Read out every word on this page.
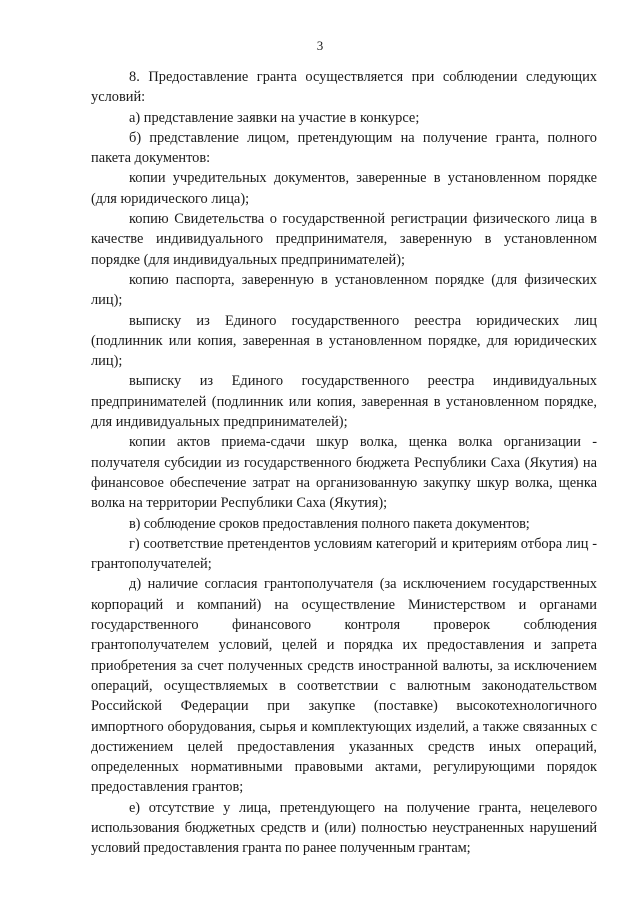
3

8. Предоставление гранта осуществляется при соблюдении следующих условий:

а) представление заявки на участие в конкурсе;

б) представление лицом, претендующим на получение гранта, полного пакета документов:

копии учредительных документов, заверенные в установленном порядке (для юридического лица);

копию Свидетельства о государственной регистрации физического лица в качестве индивидуального предпринимателя, заверенную в установленном порядке (для индивидуальных предпринимателей);

копию паспорта, заверенную в установленном порядке (для физических лиц);

выписку из Единого государственного реестра юридических лиц (подлинник или копия, заверенная в установленном порядке, для юридических лиц);

выписку из Единого государственного реестра индивидуальных предпринимателей (подлинник или копия, заверенная в установленном порядке, для индивидуальных предпринимателей);

копии актов приема-сдачи шкур волка, щенка волка организации - получателя субсидии из государственного бюджета Республики Саха (Якутия) на финансовое обеспечение затрат на организованную закупку шкур волка, щенка волка на территории Республики Саха (Якутия);

в) соблюдение сроков предоставления полного пакета документов;

г) соответствие претендентов условиям категорий и критериям отбора лиц - грантополучателей;

д) наличие согласия грантополучателя (за исключением государственных корпораций и компаний) на осуществление Министерством и органами государственного финансового контроля проверок соблюдения грантополучателем условий, целей и порядка их предоставления и запрета приобретения за счет полученных средств иностранной валюты, за исключением операций, осуществляемых в соответствии с валютным законодательством Российской Федерации при закупке (поставке) высокотехнологичного импортного оборудования, сырья и комплектующих изделий, а также связанных с достижением целей предоставления указанных средств иных операций, определенных нормативными правовыми актами, регулирующими порядок предоставления грантов;

е) отсутствие у лица, претендующего на получение гранта, нецелевого использования бюджетных средств и (или) полностью неустраненных нарушений условий предоставления гранта по ранее полученным грантам;
